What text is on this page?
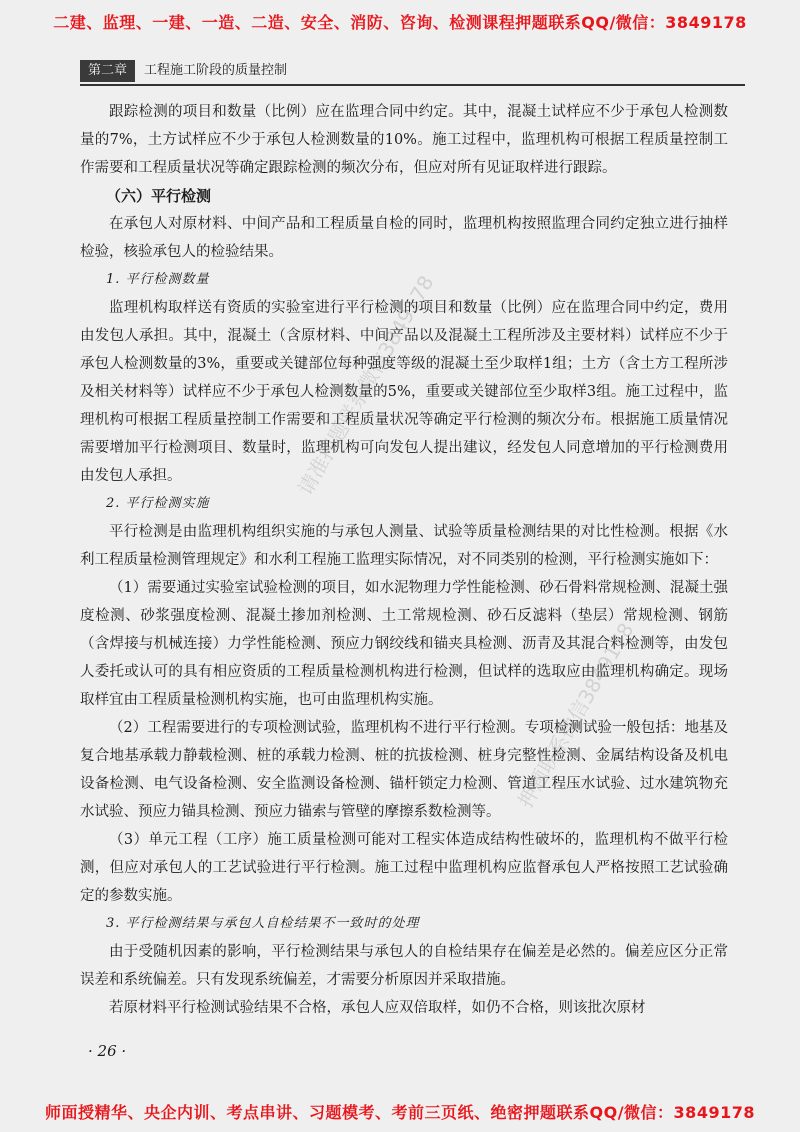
二建、监理、一建、一造、二造、安全、消防、咨询、检测课程押题联系QQ/微信：3849178
第二章	工程施工阶段的质量控制

跟踪检测的项目和数量（比例）应在监理合同中约定。其中，混凝土试样应不少于承包人检测数量的7%，土方试样应不少于承包人检测数量的10%。施工过程中，监理机构可根据工程质量控制工作需要和工程质量状况等确定跟踪检测的频次分布，但应对所有见证取样进行跟踪。

（六）平行检测

在承包人对原材料、中间产品和工程质量自检的同时，监理机构按照监理合同约定独立进行抽样检验，核验承包人的检验结果。

1. 平行检测数量

监理机构取样送有资质的实验室进行平行检测的项目和数量（比例）应在监理合同中约定，费用由发包人承担。其中，混凝土（含原材料、中间产品以及混凝土工程所涉及主要材料）试样应不少于承包人检测数量的3%，重要或关键部位每种强度等级的混凝土至少取样1组；土方（含土方工程所涉及相关材料等）试样应不少于承包人检测数量的5%，重要或关键部位至少取样3组。施工过程中，监理机构可根据工程质量控制工作需要和工程质量状况等确定平行检测的频次分布。根据施工质量情况需要增加平行检测项目、数量时，监理机构可向发包人提出建议，经发包人同意增加的平行检测费用由发包人承担。

2. 平行检测实施

平行检测是由监理机构组织实施的与承包人测量、试验等质量检测结果的对比性检测。根据《水利工程质量检测管理规定》和水利工程施工监理实际情况，对不同类别的检测，平行检测实施如下：

（1）需要通过实验室试验检测的项目，如水泥物理力学性能检测、砂石骨料常规检测、混凝土强度检测、砂浆强度检测、混凝土掺加剂检测、土工常规检测、砂石反滤料（垫层）常规检测、钢筋（含焊接与机械连接）力学性能检测、预应力钢绞线和锚夹具检测、沥青及其混合料检测等，由发包人委托或认可的具有相应资质的工程质量检测机构进行检测，但试样的选取应由监理机构确定。现场取样宜由工程质量检测机构实施，也可由监理机构实施。

（2）工程需要进行的专项检测试验，监理机构不进行平行检测。专项检测试验一般包括：地基及复合地基承载力静载检测、桩的承载力检测、桩的抗拔检测、桩身完整性检测、金属结构设备及机电设备检测、电气设备检测、安全监测设备检测、锚杆锁定力检测、管道工程压水试验、过水建筑物充水试验、预应力锚具检测、预应力锚索与管壁的摩擦系数检测等。

（3）单元工程（工序）施工质量检测可能对工程实体造成结构性破坏的，监理机构不做平行检测，但应对承包人的工艺试验进行平行检测。施工过程中监理机构应监督承包人严格按照工艺试验确定的参数实施。

3. 平行检测结果与承包人自检结果不一致时的处理

由于受随机因素的影响，平行检测结果与承包人的自检结果存在偏差是必然的。偏差应区分正常误差和系统偏差。只有发现系统偏差，才需要分析原因并采取措施。

若原材料平行检测试验结果不合格，承包人应双倍取样，如仍不合格，则该批次原材

请准押题联系微信3849178
押题联系微信3849178
· 26 ·
师面授精华、央企内训、考点串讲、习题模考、考前三页纸、绝密押题联系QQ/微信：3849178
